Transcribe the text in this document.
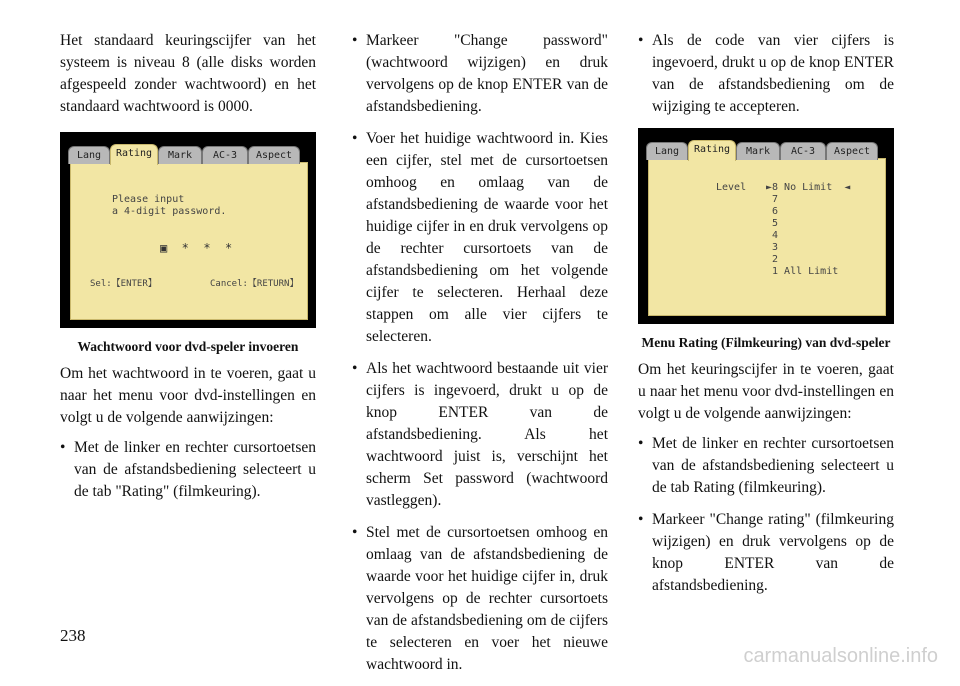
Het standaard keuringscijfer van het systeem is niveau 8 (alle disks worden afgespeeld zonder wachtwoord) en het standaard wachtwoord is 0000.

Lang	Rating	Mark	AC-3	Aspect
Please input
a 4-digit password.
▣  *  *  *
Sel:【ENTER】	Cancel:【RETURN】
Wachtwoord voor dvd-speler invoeren

Om het wachtwoord in te voeren, gaat u naar het menu voor dvd-instellingen en volgt u de volgende aanwijzingen:

• Met de linker en rechter cursortoetsen van de afstandsbediening selecteert u de tab "Rating" (filmkeuring).
• Markeer "Change password" (wachtwoord wijzigen) en druk vervolgens op de knop ENTER van de afstandsbediening.
• Voer het huidige wachtwoord in. Kies een cijfer, stel met de cursortoetsen omhoog en omlaag van de afstandsbediening de waarde voor het huidige cijfer in en druk vervolgens op de rechter cursortoets van de afstandsbediening om het volgende cijfer te selecteren. Herhaal deze stappen om alle vier cijfers te selecteren.
• Als het wachtwoord bestaande uit vier cijfers is ingevoerd, drukt u op de knop ENTER van de afstandsbediening. Als het wachtwoord juist is, verschijnt het scherm Set password (wachtwoord vastleggen).
• Stel met de cursortoetsen omhoog en omlaag van de afstandsbediening de waarde voor het huidige cijfer in, druk vervolgens op de rechter cursortoets van de afstandsbediening om de cijfers te selecteren en voer het nieuwe wachtwoord in.
• Als de code van vier cijfers is ingevoerd, drukt u op de knop ENTER van de afstandsbediening om de wijziging te accepteren.
Lang	Rating	Mark	AC-3	Aspect
Level ►8 No Limit  ◄
7
6
5
4
3
2
1 All Limit
Menu Rating (Filmkeuring) van dvd-speler

Om het keuringscijfer in te voeren, gaat u naar het menu voor dvd-instellingen en volgt u de volgende aanwijzingen:

• Met de linker en rechter cursortoetsen van de afstandsbediening selecteert u de tab Rating (filmkeuring).
• Markeer "Change rating" (filmkeuring wijzigen) en druk vervolgens op de knop ENTER van de afstandsbediening.
238
carmanualsonline.info
